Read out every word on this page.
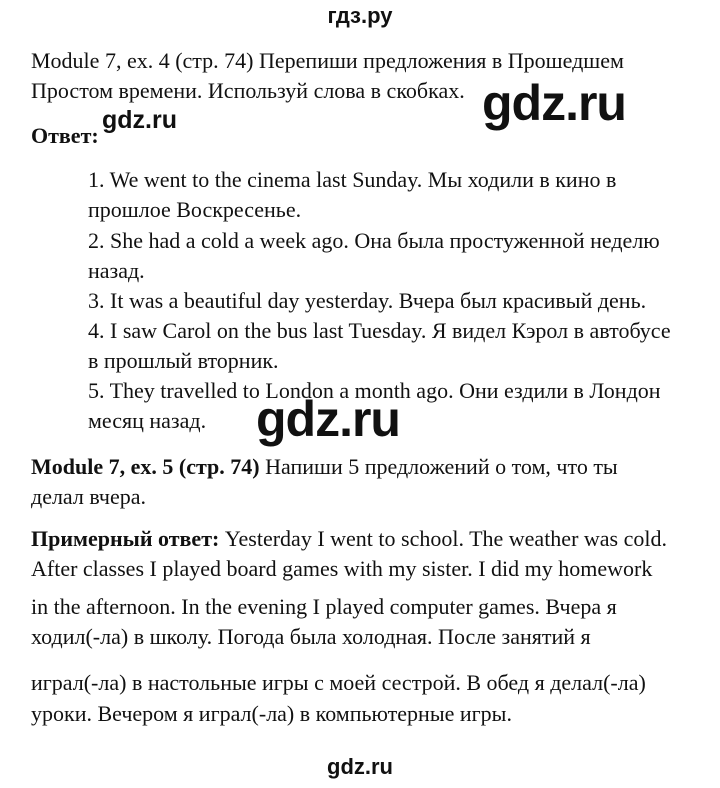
гдз.ру
Module 7, ex. 4 (стр. 74) Перепиши предложения в Прошедшем
Простом времени. Используй слова в скобках. gdz.ru
gdz.ru
Ответ:
1. We went to the cinema last Sunday. Мы ходили в кино в
прошлое Воскресенье.
2. She had a cold a week ago. Она была простуженной неделю
назад.
3. It was a beautiful day yesterday. Вчера был красивый день.
4. I saw Carol on the bus last Tuesday. Я видел Кэрол в автобусе
в прошлый вторник.
5. They travelled to London a month ago. Они ездили в Лондон
месяц назад. gdz.ru
Module 7, ex. 5 (стр. 74) Напиши 5 предложений о том, что ты
делал вчера.
Примерный ответ: Yesterday I went to school. The weather was cold.
After classes I played board games with my sister. I did my homework
in the afternoon. In the evening I played computer games. Вчера я
ходил(-ла) в школу. Погода была холодная. После занятий я
играл(-ла) в настольные игры с моей сестрой. В обед я делал(-ла)
уроки. Вечером я играл(-ла) в компьютерные игры.
gdz.ru
